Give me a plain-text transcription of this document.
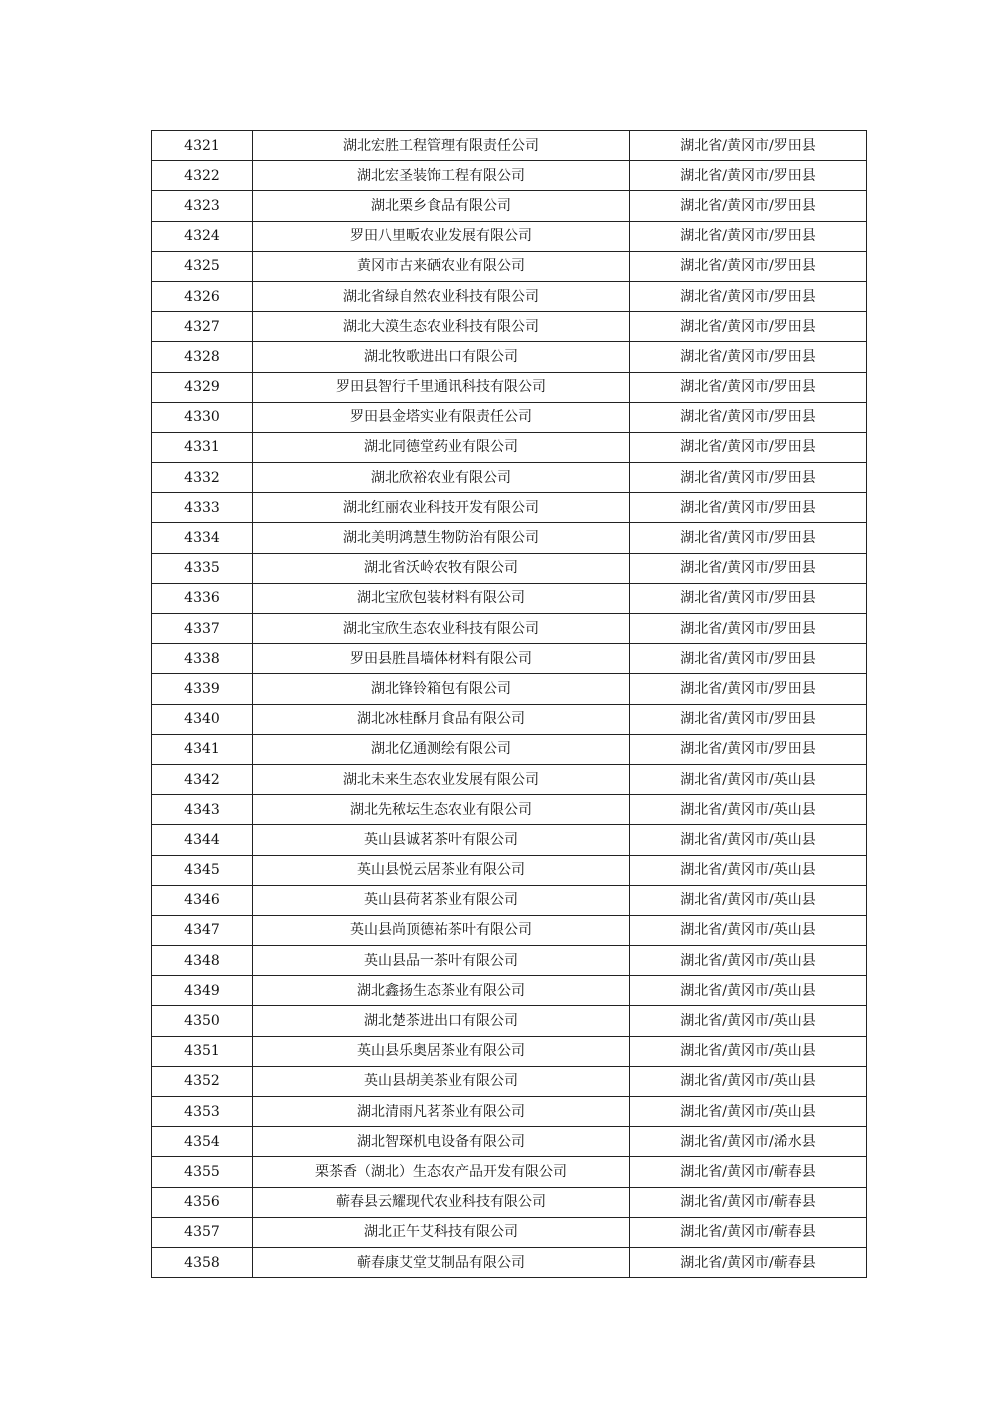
4321	湖北宏胜工程管理有限责任公司	湖北省/黄冈市/罗田县
4322	湖北宏圣装饰工程有限公司	湖北省/黄冈市/罗田县
4323	湖北栗乡食品有限公司	湖北省/黄冈市/罗田县
4324	罗田八里畈农业发展有限公司	湖北省/黄冈市/罗田县
4325	黄冈市古来硒农业有限公司	湖北省/黄冈市/罗田县
4326	湖北省绿自然农业科技有限公司	湖北省/黄冈市/罗田县
4327	湖北大漠生态农业科技有限公司	湖北省/黄冈市/罗田县
4328	湖北牧歌进出口有限公司	湖北省/黄冈市/罗田县
4329	罗田县智行千里通讯科技有限公司	湖北省/黄冈市/罗田县
4330	罗田县金塔实业有限责任公司	湖北省/黄冈市/罗田县
4331	湖北同德堂药业有限公司	湖北省/黄冈市/罗田县
4332	湖北欣裕农业有限公司	湖北省/黄冈市/罗田县
4333	湖北红丽农业科技开发有限公司	湖北省/黄冈市/罗田县
4334	湖北美明鸿慧生物防治有限公司	湖北省/黄冈市/罗田县
4335	湖北省沃岭农牧有限公司	湖北省/黄冈市/罗田县
4336	湖北宝欣包装材料有限公司	湖北省/黄冈市/罗田县
4337	湖北宝欣生态农业科技有限公司	湖北省/黄冈市/罗田县
4338	罗田县胜昌墙体材料有限公司	湖北省/黄冈市/罗田县
4339	湖北锋铃箱包有限公司	湖北省/黄冈市/罗田县
4340	湖北冰桂酥月食品有限公司	湖北省/黄冈市/罗田县
4341	湖北亿通测绘有限公司	湖北省/黄冈市/罗田县
4342	湖北未来生态农业发展有限公司	湖北省/黄冈市/英山县
4343	湖北先秾坛生态农业有限公司	湖北省/黄冈市/英山县
4344	英山县诚茗茶叶有限公司	湖北省/黄冈市/英山县
4345	英山县悦云居茶业有限公司	湖北省/黄冈市/英山县
4346	英山县荷茗茶业有限公司	湖北省/黄冈市/英山县
4347	英山县尚顶德祐茶叶有限公司	湖北省/黄冈市/英山县
4348	英山县品一茶叶有限公司	湖北省/黄冈市/英山县
4349	湖北鑫扬生态茶业有限公司	湖北省/黄冈市/英山县
4350	湖北楚茶进出口有限公司	湖北省/黄冈市/英山县
4351	英山县乐奥居茶业有限公司	湖北省/黄冈市/英山县
4352	英山县胡美茶业有限公司	湖北省/黄冈市/英山县
4353	湖北清雨凡茗茶业有限公司	湖北省/黄冈市/英山县
4354	湖北智琛机电设备有限公司	湖北省/黄冈市/浠水县
4355	栗茶香（湖北）生态农产品开发有限公司	湖北省/黄冈市/蕲春县
4356	蕲春县云耀现代农业科技有限公司	湖北省/黄冈市/蕲春县
4357	湖北正午艾科技有限公司	湖北省/黄冈市/蕲春县
4358	蕲春康艾堂艾制品有限公司	湖北省/黄冈市/蕲春县
